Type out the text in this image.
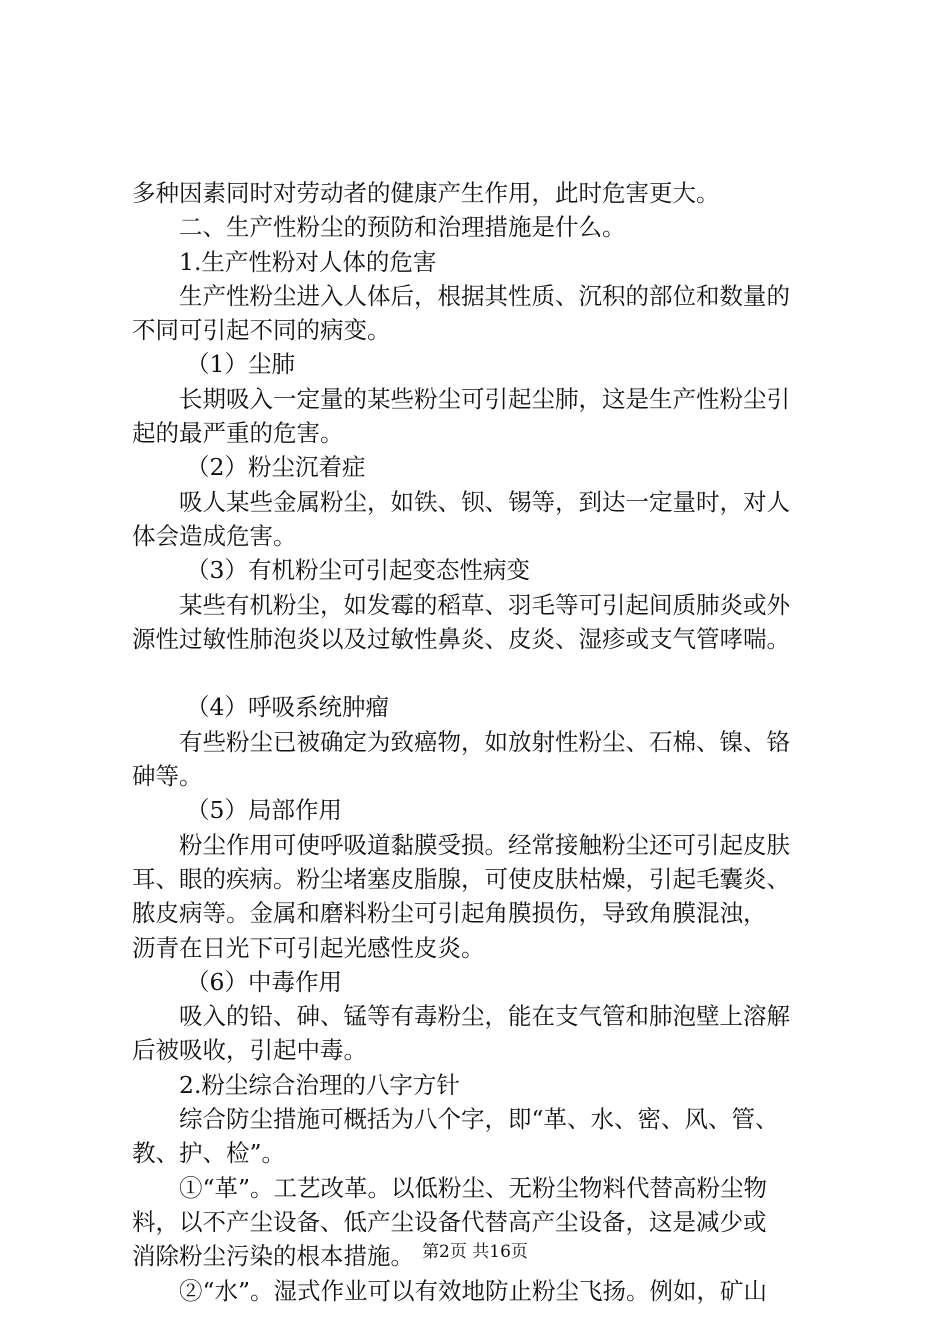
多种因素同时对劳动者的健康产生作用，此时危害更大。
二、生产性粉尘的预防和治理措施是什么。
1.生产性粉对人体的危害
生产性粉尘进入人体后，根据其性质、沉积的部位和数量的
不同可引起不同的病变。
（1）尘肺
长期吸入一定量的某些粉尘可引起尘肺，这是生产性粉尘引
起的最严重的危害。
（2）粉尘沉着症
吸人某些金属粉尘，如铁、钡、锡等，到达一定量时，对人
体会造成危害。
（3）有机粉尘可引起变态性病变
某些有机粉尘，如发霉的稻草、羽毛等可引起间质肺炎或外
源性过敏性肺泡炎以及过敏性鼻炎、皮炎、湿疹或支气管哮喘。
（4）呼吸系统肿瘤
有些粉尘已被确定为致癌物，如放射性粉尘、石棉、镍、铬
砷等。
（5）局部作用
粉尘作用可使呼吸道黏膜受损。经常接触粉尘还可引起皮肤
耳、眼的疾病。粉尘堵塞皮脂腺，可使皮肤枯燥，引起毛囊炎、
脓皮病等。金属和磨料粉尘可引起角膜损伤，导致角膜混浊，
沥青在日光下可引起光感性皮炎。
（6）中毒作用
吸入的铅、砷、锰等有毒粉尘，能在支气管和肺泡壁上溶解
后被吸收，引起中毒。
2.粉尘综合治理的八字方针
综合防尘措施可概括为八个字，即“革、水、密、风、管、
教、护、检”。
①“革”。工艺改革。以低粉尘、无粉尘物料代替高粉尘物
料，以不产尘设备、低产尘设备代替高产尘设备，这是减少或
消除粉尘污染的根本措施。
②“水”。湿式作业可以有效地防止粉尘飞扬。例如，矿山
第2页 共16页
